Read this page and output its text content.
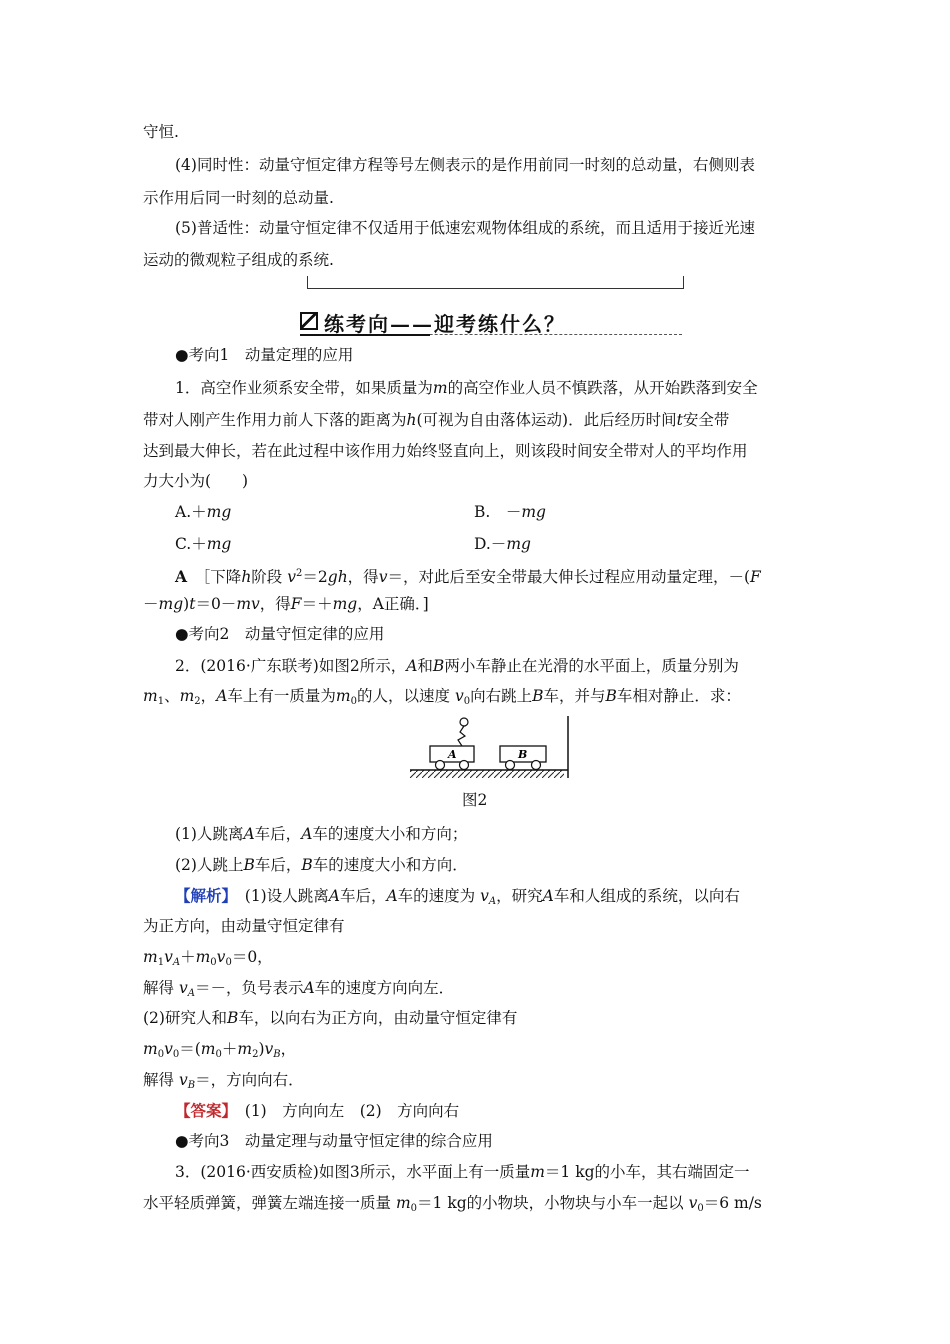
守恒.
(4)同时性：动量守恒定律方程等号左侧表示的是作用前同一时刻的总动量，右侧则表
示作用后同一时刻的总动量.
(5)普适性：动量守恒定律不仅适用于低速宏观物体组成的系统，而且适用于接近光速
运动的微观粒子组成的系统.
练考向——迎考练什么？
●考向1　动量定理的应用
1．高空作业须系安全带，如果质量为m的高空作业人员不慎跌落，从开始跌落到安全
带对人刚产生作用力前人下落的距离为h(可视为自由落体运动)．此后经历时间t安全带
达到最大伸长，若在此过程中该作用力始终竖直向上，则该段时间安全带对人的平均作用
力大小为(　　)
A.＋mg	B.　－mg
C.＋mg	D.－mg
A　 ［下降h阶段 $v^2=2gh$，得v＝，对此后至安全带最大伸长过程应用动量定理，－(F
－mg)t＝0－mv，得F＝＋mg，A正确．]
●考向2　动量守恒定律的应用
2．(2016·广东联考)如图2所示，A和B两小车静止在光滑的水平面上，质量分别为
$m_1$、$m_2$，A车上有一质量为$m_0$的人，以速度 $v_0$向右跳上B车，并与B车相对静止．求：
A	B
图2
(1)人跳离A车后，A车的速度大小和方向；
(2)人跳上B车后，B车的速度大小和方向．
【解析】　(1)设人跳离A车后，A车的速度为 $v_A$，研究A车和人组成的系统，以向右
为正方向，由动量守恒定律有
$m_1v_A+m_0v_0=0$，
解得 $v_A=-$，负号表示A车的速度方向向左．
(2)研究人和B车，以向右为正方向，由动量守恒定律有
$m_0v_0=(m_0+m_2)v_B$，
解得 $v_B=$，方向向右．
【答案】　(1)　方向向左　(2)　方向向右
●考向3　动量定理与动量守恒定律的综合应用
3．(2016·西安质检)如图3所示，水平面上有一质量m＝1 kg的小车，其右端固定一
水平轻质弹簧，弹簧左端连接一质量 $m_0=1$ kg的小物块，小物块与小车一起以 $v_0=6$ m/s
